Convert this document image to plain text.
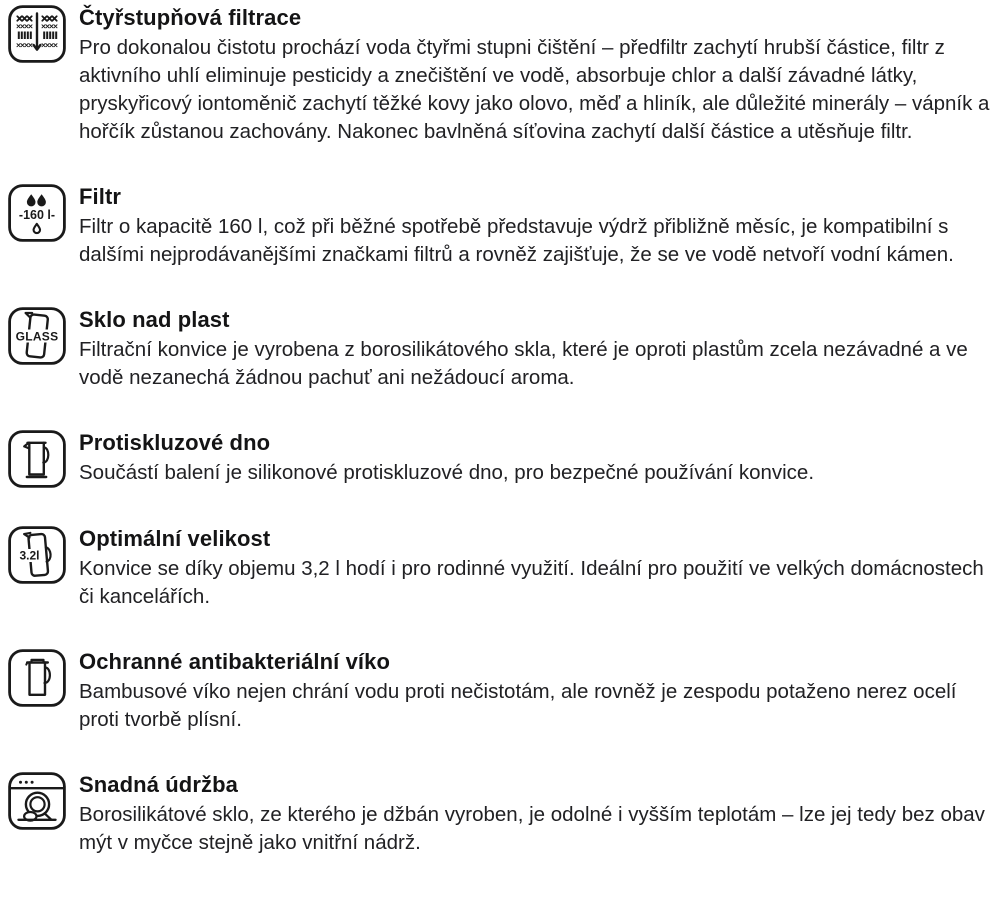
Čtyřstupňová filtrace

Pro dokonalou čistotu prochází voda čtyřmi stupni čištění – předfiltr zachytí hrubší částice, filtr z aktivního uhlí eliminuje pesticidy a znečištění ve vodě, absorbuje chlor a další závadné látky, pryskyřicový iontoměnič zachytí těžké kovy jako olovo, měď a hliník, ale důležité minerály – vápník a hořčík zůstanou zachovány. Nakonec bavlněná síťovina zachytí další částice a utěsňuje filtr.

-160 l-
Filtr

Filtr o kapacitě 160 l, což při běžné spotřebě představuje výdrž přibližně měsíc, je kompatibilní s dalšími nejprodávanějšími značkami filtrů a rovněž zajišťuje, že se ve vodě netvoří vodní kámen.

GLASS
Sklo nad plast

Filtrační konvice je vyrobena z borosilikátového skla, které je oproti plastům zcela nezávadné a ve vodě nezanechá žádnou pachuť ani nežádoucí aroma.

Protiskluzové dno

Součástí balení je silikonové protiskluzové dno, pro bezpečné používání konvice.

3.2l
Optimální velikost

Konvice se díky objemu 3,2 l hodí i pro rodinné využití. Ideální pro použití ve velkých domácnostech či kancelářích.

Ochranné antibakteriální víko

Bambusové víko nejen chrání vodu proti nečistotám, ale rovněž je zespodu potaženo nerez ocelí proti tvorbě plísní.

Snadná údržba

Borosilikátové sklo, ze kterého je džbán vyroben, je odolné i vyšším teplotám – lze jej tedy bez obav mýt v myčce stejně jako vnitřní nádrž.
